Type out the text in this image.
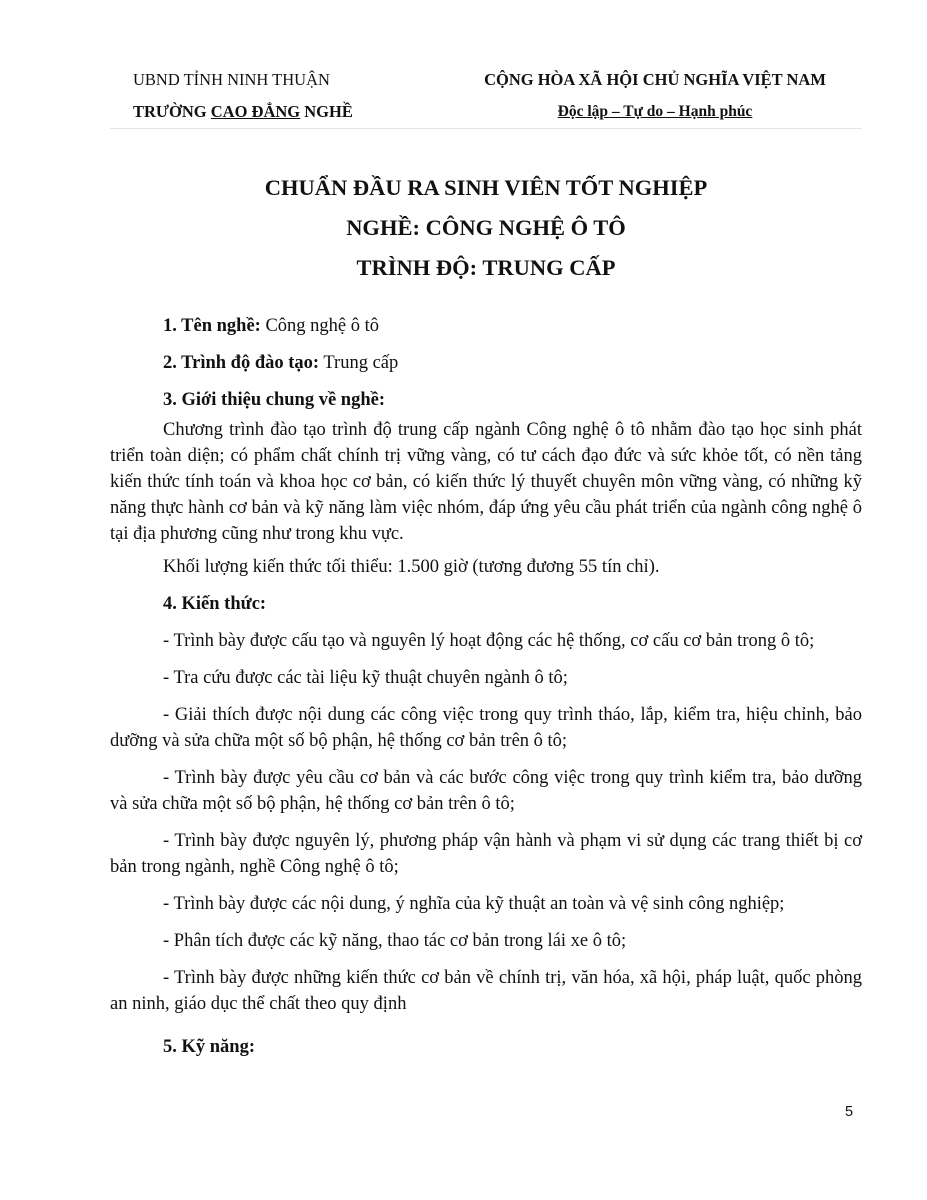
UBND TỈNH NINH THUẬN
TRƯỜNG CAO ĐẲNG NGHỀ
CỘNG HÒA XÃ HỘI CHỦ NGHĨA VIỆT NAM
Độc lập – Tự do – Hạnh phúc
CHUẨN ĐẦU RA SINH VIÊN TỐT NGHIỆP
NGHỀ: CÔNG NGHỆ Ô TÔ
TRÌNH ĐỘ: TRUNG CẤP

1. Tên nghề: Công nghệ ô tô

2. Trình độ đào tạo: Trung cấp

3. Giới thiệu chung về nghề:

Chương trình đào tạo trình độ trung cấp ngành Công nghệ ô tô nhằm đào tạo học sinh phát triển toàn diện; có phẩm chất chính trị vững vàng, có tư cách đạo đức và sức khỏe tốt, có nền tảng kiến thức tính toán và khoa học cơ bản, có kiến thức lý thuyết chuyên môn vững vàng, có những kỹ năng thực hành cơ bản và kỹ năng làm việc nhóm, đáp ứng yêu cầu phát triển của ngành công nghệ ô tại địa phương cũng như trong khu vực.

Khối lượng kiến thức tối thiểu: 1.500 giờ (tương đương 55 tín chỉ).

4. Kiến thức:

- Trình bày được cấu tạo và nguyên lý hoạt động các hệ thống, cơ cấu cơ bản trong ô tô;

- Tra cứu được các tài liệu kỹ thuật chuyên ngành ô tô;

- Giải thích được nội dung các công việc trong quy trình tháo, lắp, kiểm tra, hiệu chỉnh, bảo dưỡng và sửa chữa một số bộ phận, hệ thống cơ bản trên ô tô;

- Trình bày được yêu cầu cơ bản và các bước công việc trong quy trình kiểm tra, bảo dưỡng và sửa chữa một số bộ phận, hệ thống cơ bản trên ô tô;

- Trình bày được nguyên lý, phương pháp vận hành và phạm vi sử dụng các trang thiết bị cơ bản trong ngành, nghề Công nghệ ô tô;

- Trình bày được các nội dung, ý nghĩa của kỹ thuật an toàn và vệ sinh công nghiệp;

- Phân tích được các kỹ năng, thao tác cơ bản trong lái xe ô tô;

- Trình bày được những kiến thức cơ bản về chính trị, văn hóa, xã hội, pháp luật, quốc phòng an ninh, giáo dục thể chất theo quy định

5. Kỹ năng:

5
